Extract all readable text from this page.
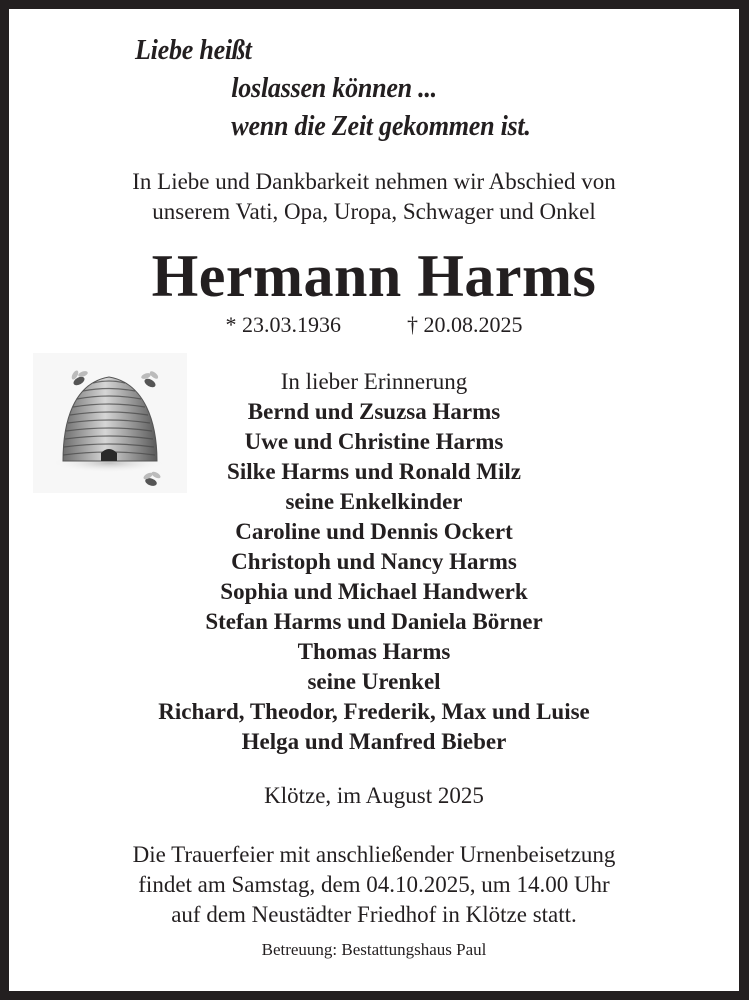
Liebe heißt
loslassen können ...
wenn die Zeit gekommen ist.
In Liebe und Dankbarkeit nehmen wir Abschied von
unserem Vati, Opa, Uropa, Schwager und Onkel
Hermann Harms
* 23.03.1936	† 20.08.2025
In lieber Erinnerung
Bernd und Zsuzsa Harms
Uwe und Christine Harms
Silke Harms und Ronald Milz
seine Enkelkinder
Caroline und Dennis Ockert
Christoph und Nancy Harms
Sophia und Michael Handwerk
Stefan Harms und Daniela Börner
Thomas Harms
seine Urenkel
Richard, Theodor, Frederik, Max und Luise
Helga und Manfred Bieber
Klötze, im August 2025
Die Trauerfeier mit anschließender Urnenbeisetzung
findet am Samstag, dem 04.10.2025, um 14.00 Uhr
auf dem Neustädter Friedhof in Klötze statt.
Betreuung: Bestattungshaus Paul
